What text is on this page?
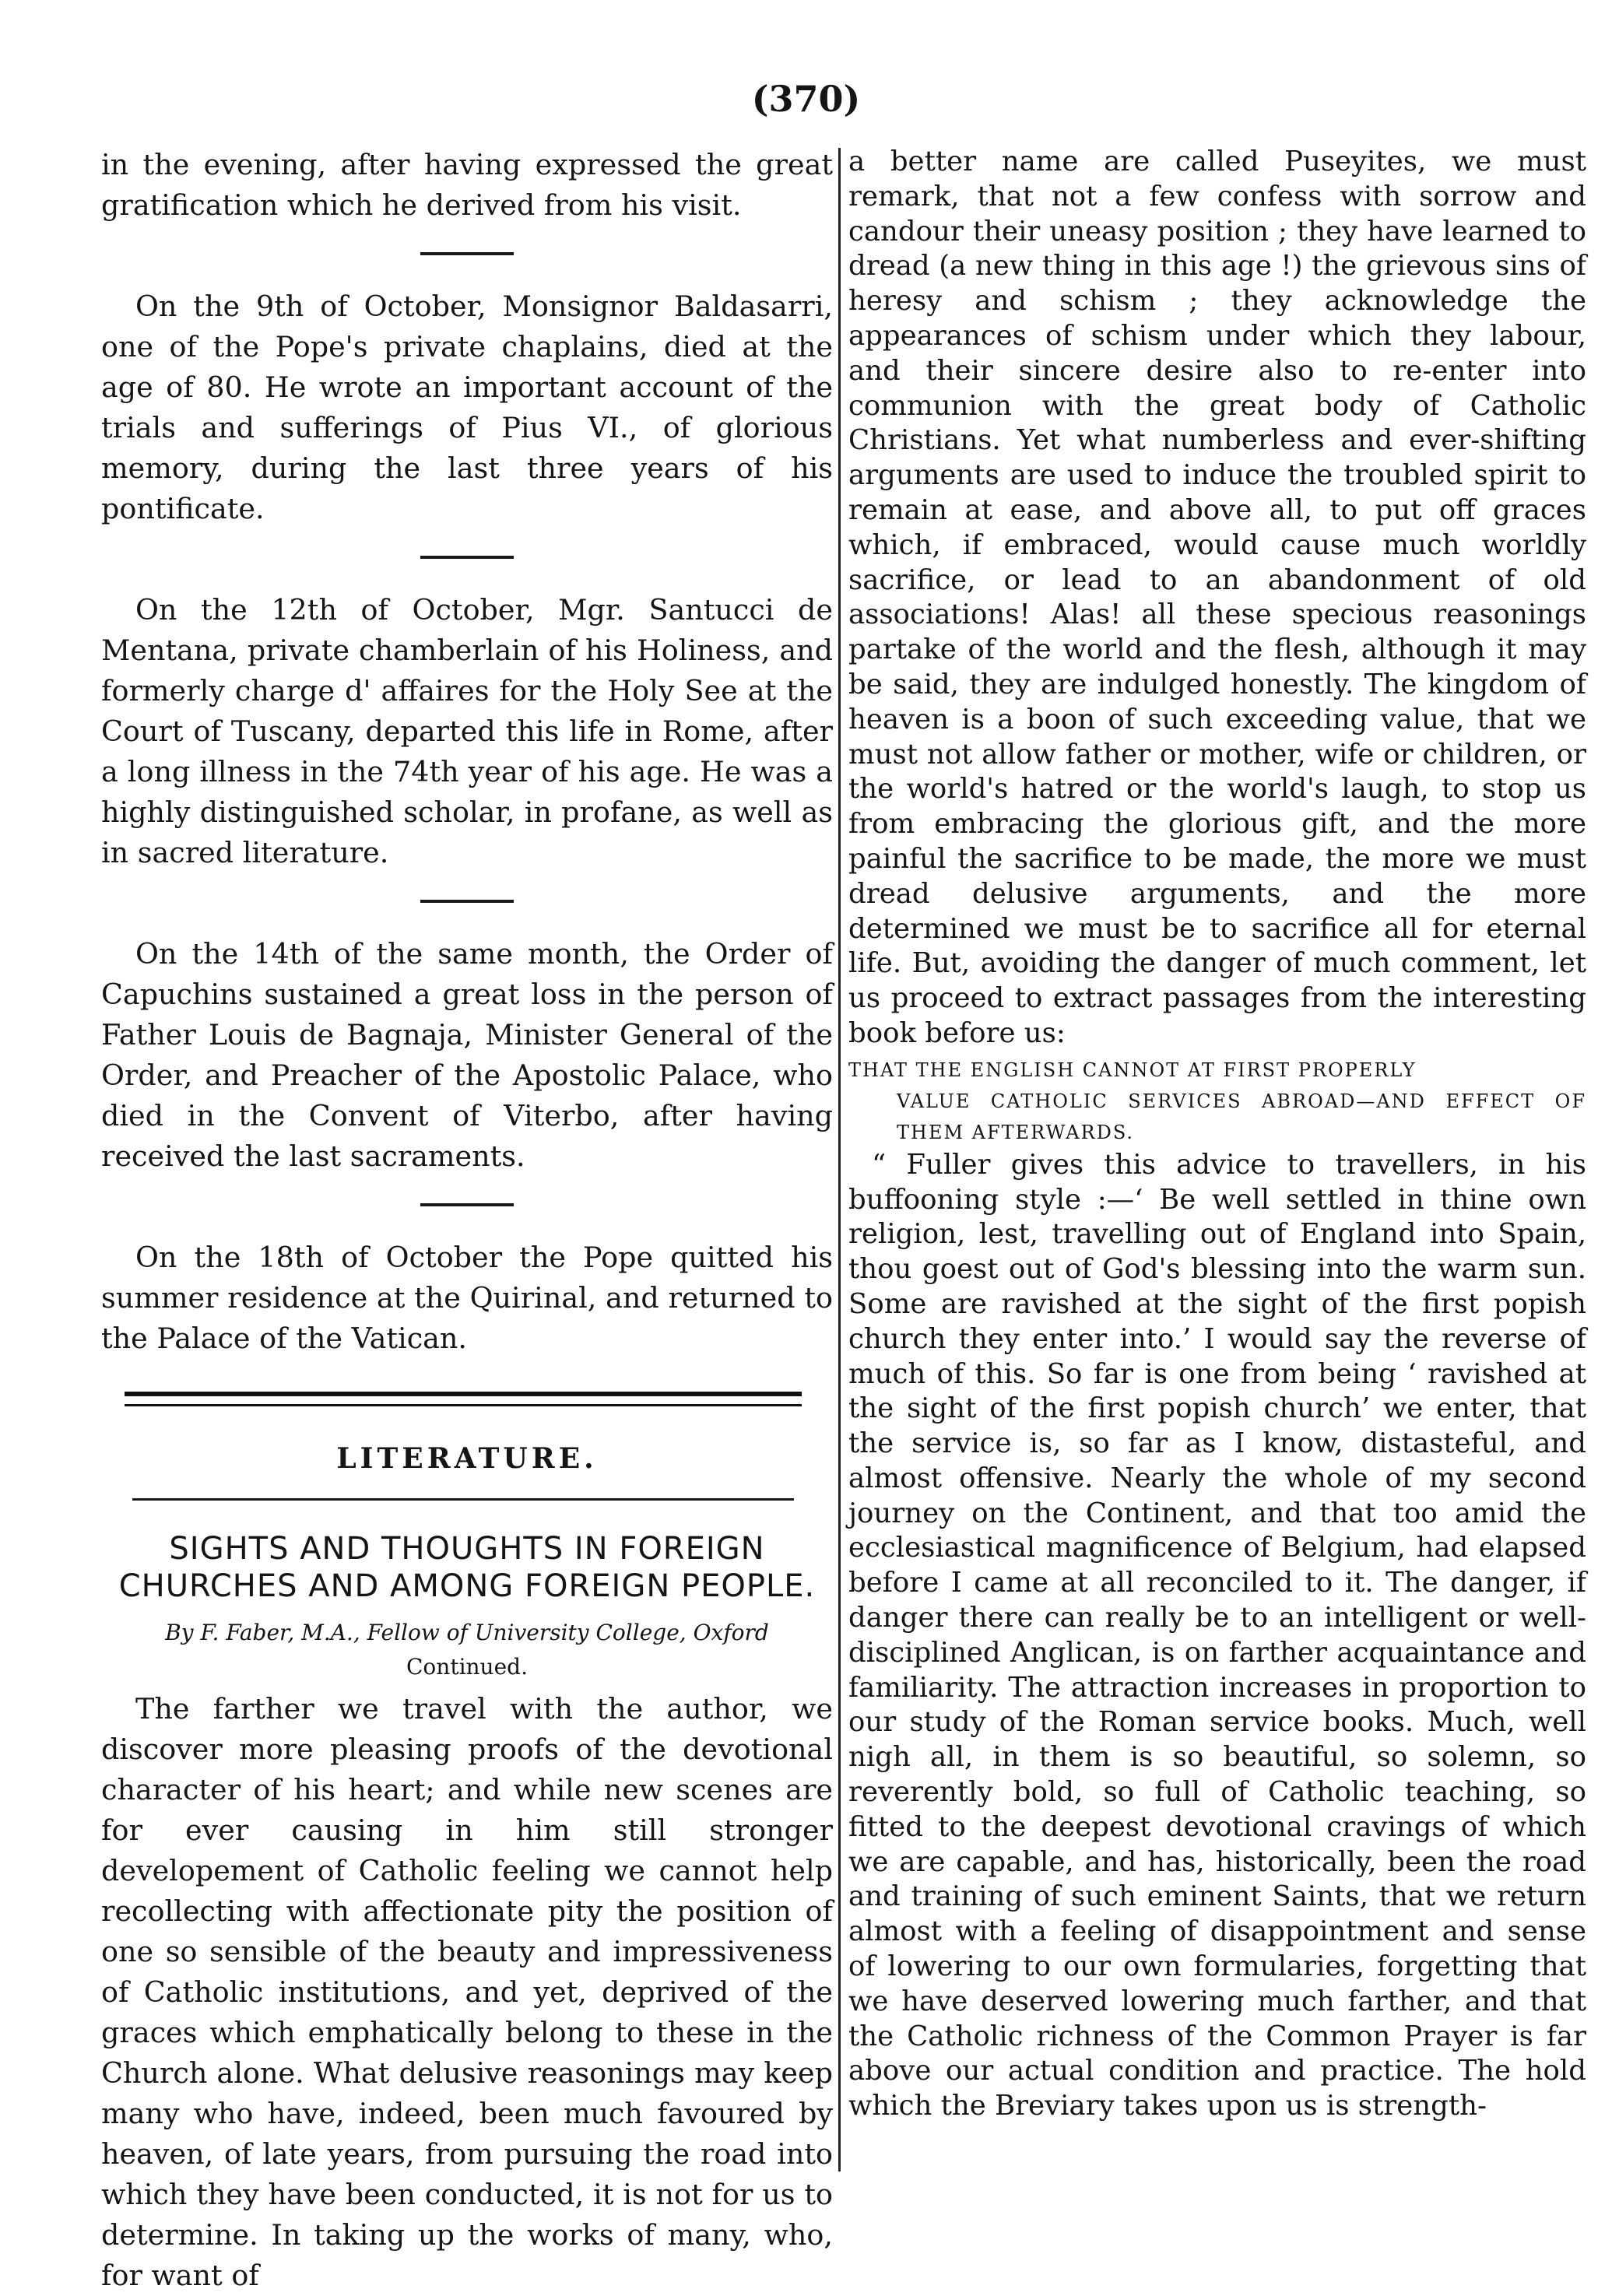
(370)

in the evening, after having expressed the great gratification which he derived from his visit.

On the 9th of October, Monsignor Baldasarri, one of the Pope's private chaplains, died at the age of 80. He wrote an important account of the trials and sufferings of Pius VI., of glorious memory, during the last three years of his pontificate.

On the 12th of October, Mgr. Santucci de Mentana, private chamberlain of his Holiness, and formerly charge d' affaires for the Holy See at the Court of Tuscany, departed this life in Rome, after a long illness in the 74th year of his age. He was a highly distinguished scholar, in profane, as well as in sacred literature.

On the 14th of the same month, the Order of Capuchins sustained a great loss in the person of Father Louis de Bagnaja, Minister General of the Order, and Preacher of the Apostolic Palace, who died in the Convent of Viterbo, after having received the last sacraments.

On the 18th of October the Pope quitted his summer residence at the Quirinal, and returned to the Palace of the Vatican.

LITERATURE.
SIGHTS AND THOUGHTS IN FOREIGN CHURCHES AND AMONG FOREIGN PEOPLE.
By F. Faber, M.A., Fellow of University College, Oxford
Continued.

The farther we travel with the author, we discover more pleasing proofs of the devotional character of his heart; and while new scenes are for ever causing in him still stronger developement of Catholic feeling we cannot help recollecting with affectionate pity the position of one so sensible of the beauty and impressiveness of Catholic institutions, and yet, deprived of the graces which emphatically belong to these in the Church alone. What delusive reasonings may keep many who have, indeed, been much favoured by heaven, of late years, from pursuing the road into which they have been conducted, it is not for us to determine. In taking up the works of many, who, for want of

a better name are called Puseyites, we must remark, that not a few confess with sorrow and candour their uneasy position ; they have learned to dread (a new thing in this age !) the grievous sins of heresy and schism ; they acknowledge the appearances of schism under which they labour, and their sincere desire also to re-enter into communion with the great body of Catholic Christians. Yet what numberless and ever-shifting arguments are used to induce the troubled spirit to remain at ease, and above all, to put off graces which, if embraced, would cause much worldly sacrifice, or lead to an abandonment of old associations! Alas! all these specious reasonings partake of the world and the flesh, although it may be said, they are indulged honestly. The kingdom of heaven is a boon of such exceeding value, that we must not allow father or mother, wife or children, or the world's hatred or the world's laugh, to stop us from embracing the glorious gift, and the more painful the sacrifice to be made, the more we must dread delusive arguments, and the more determined we must be to sacrifice all for eternal life. But, avoiding the danger of much comment, let us proceed to extract passages from the interesting book before us:

THAT THE ENGLISH CANNOT AT FIRST PROPERLY
VALUE CATHOLIC SERVICES ABROAD—AND EFFECT OF THEM AFTERWARDS.

“ Fuller gives this advice to travellers, in his buffooning style :—‘ Be well settled in thine own religion, lest, travelling out of England into Spain, thou goest out of God's blessing into the warm sun. Some are ravished at the sight of the first popish church they enter into.’ I would say the reverse of much of this. So far is one from being ‘ ravished at the sight of the first popish church’ we enter, that the service is, so far as I know, distasteful, and almost offensive. Nearly the whole of my second journey on the Continent, and that too amid the ecclesiastical magnificence of Belgium, had elapsed before I came at all reconciled to it. The danger, if danger there can really be to an intelligent or well-disciplined Anglican, is on farther acquaintance and familiarity. The attraction increases in proportion to our study of the Roman service books. Much, well nigh all, in them is so beautiful, so solemn, so reverently bold, so full of Catholic teaching, so fitted to the deepest devotional cravings of which we are capable, and has, historically, been the road and training of such eminent Saints, that we return almost with a feeling of disappointment and sense of lowering to our own formularies, forgetting that we have deserved lowering much farther, and that the Catholic richness of the Common Prayer is far above our actual condition and practice. The hold which the Breviary takes upon us is strength-
